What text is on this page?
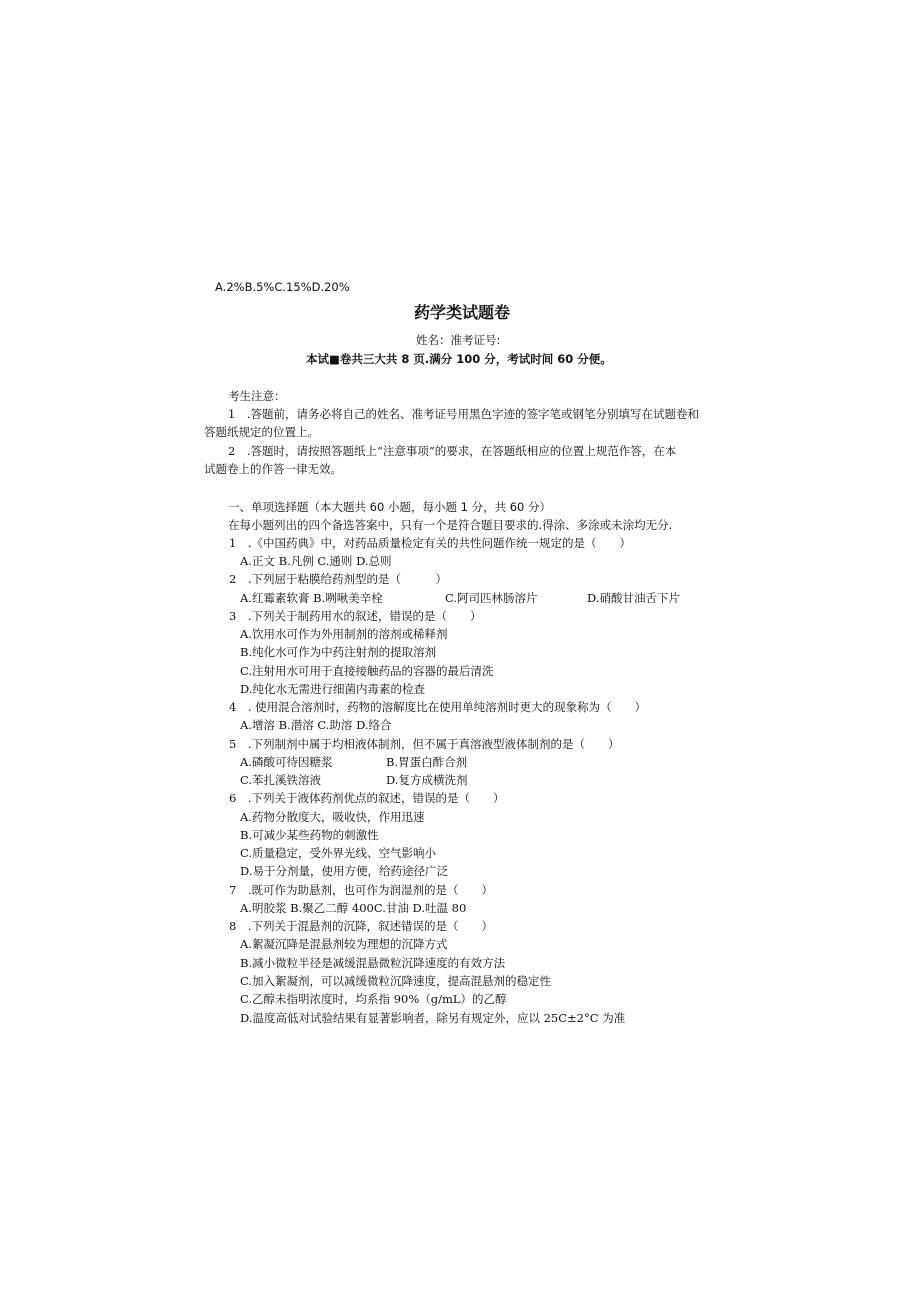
A.2%B.5%C.15%D.20%
药学类试题卷
姓名：准考证号:
本试■卷共三大共 8 页.满分 100 分，考试时间 60 分便。
考生注意：
1　.答题前，请务必将自己的姓名、准考证号用黑色字迹的签字笔或钢笔分别填写在试题卷和
答题纸规定的位置上。
2　.答题时，请按照答题纸上“注意事项”的要求，在答题纸相应的位置上规范作答，在本
试题卷上的作答一律无效。
一、单项选择题（本大题共 60 小题，每小题 1 分，共 60 分）
在每小题列出的四个备选答案中，只有一个是符合题目要求的.得涂、多涂或未涂均无分.
1　.《中国药典》中，对药品质量检定有关的共性问题作统一规定的是（　　）
A.正文 B.凡例 C.通则 D.总则
2　.下列屈于粘膜给药剂型的是（　　　）
A.红霉素软膏 B.咧啾美辛栓	C.阿司匹林肠溶片	D.硝酸甘油舌下片
3　.下列关于制药用水的叙述，错误的是（　　）
A.饮用水可作为外用制剂的溶剂或稀释剂
B.纯化水可作为中药注射剂的提取溶剂
C.注射用水可用于直接接触药品的容器的最后清洗
D.纯化水无需进行细菌内毒素的检查
4　. 使用混合溶剂时，药物的溶解度比在使用单纯溶剂时更大的现象称为（　　）
A.增溶 B.潜溶 C.助溶 D.络合
5　.下列制剂中属于均相液体制剂，但不属于真溶液型液体制剂的是（　　）
A.磷酸可待因糖浆	B.胃蛋白酢合剂
C.苯扎溪铁溶液	D.复方成横洗剂
6　.下列关于液体药剂优点的叙述，错误的是（　　）
A.药物分散度大，吸收快，作用迅速
B.可减少某些药物的刺激性
C.质量稳定，受外界光线、空气影响小
D.易于分剂量，使用方便，给药途径广泛
7　.既可作为助悬剂，也可作为润湿剂的是（　　）
A.明胶浆 B.聚乙二醇 400C.甘油 D.吐温 80
8　.下列关于混悬剂的沉降，叙述错误的是（　　）
A.絮凝沉降是混悬剂较为理想的沉降方式
B.减小微粒半径是减缓混悬微粒沉降速度的有效方法
C.加入絮凝剂，可以减缓微粒沉降速度，提高混悬剂的稳定性
C.乙醇未指明浓度时，均系指 90%（g/mL）的乙醇
D.温度高低对试验结果有显著影响者，除另有规定外，应以 25C±2°C 为准
